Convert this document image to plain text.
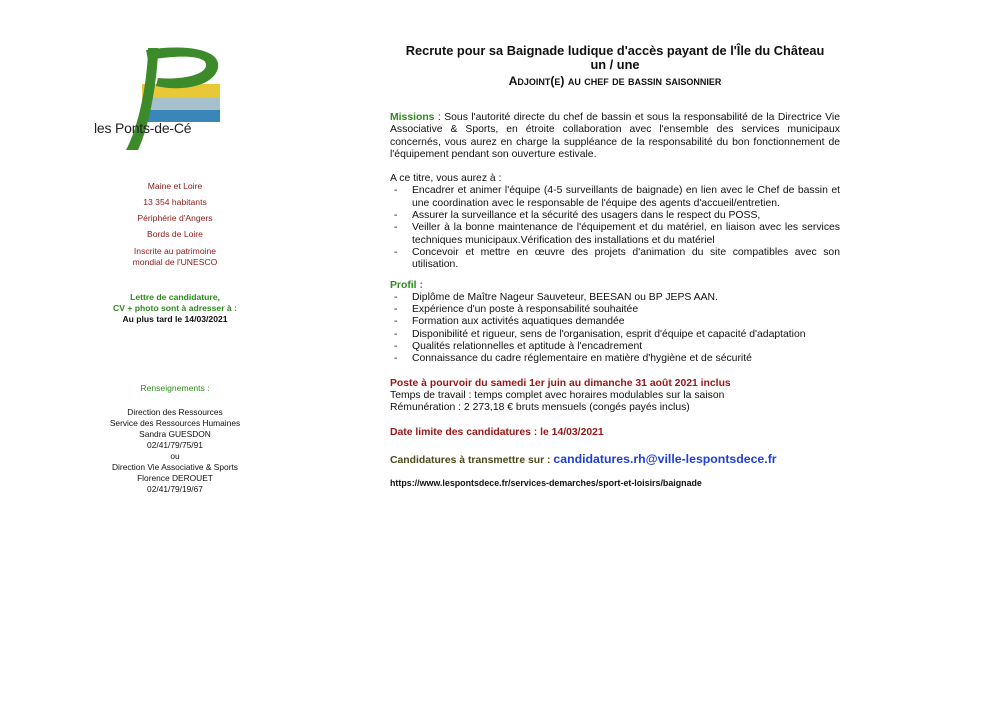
les Ponts-de-Cé
Maine et Loire
13 354 habitants
Périphérie d'Angers
Bords de Loire
Inscrite au patrimoine
mondial de l'UNESCO
Lettre de candidature,
CV + photo sont à adresser à :
Au plus tard le 14/03/2021
Renseignements :
Direction des Ressources
Service des Ressources Humaines
Sandra GUESDON
02/41/79/75/91
ou
Direction Vie Associative & Sports
Florence DEROUET
02/41/79/19/67
Recrute pour sa Baignade ludique d'accès payant de l'Île du Château
un / une
Adjoint(e) au chef de bassin saisonnier
Missions : Sous l'autorité directe du chef de bassin et sous la responsabilité de la Directrice Vie Associative & Sports, en étroite collaboration avec l'ensemble des services municipaux concernés, vous aurez en charge la suppléance de la responsabilité du bon fonctionnement de l'équipement pendant son ouverture estivale.
A ce titre, vous aurez à :
- Encadrer et animer l'équipe (4-5 surveillants de baignade) en lien avec le Chef de bassin et une coordination avec le responsable de l'équipe des agents d'accueil/entretien.
- Assurer la surveillance et la sécurité des usagers dans le respect du POSS,
- Veiller à la bonne maintenance de l'équipement et du matériel, en liaison avec les services techniques municipaux.Vérification des installations et du matériel
- Concevoir et mettre en œuvre des projets d'animation du site compatibles avec son utilisation.
Profil :
- Diplôme de Maître Nageur Sauveteur, BEESAN ou BP JEPS AAN.
- Expérience d'un poste à responsabilité souhaitée
- Formation aux activités aquatiques demandée
- Disponibilité et rigueur, sens de l'organisation, esprit d'équipe et capacité d'adaptation
- Qualités relationnelles et aptitude à l'encadrement
- Connaissance du cadre réglementaire en matière d'hygiène et de sécurité
Poste à pourvoir du samedi 1er juin au dimanche 31 août 2021 inclus
Temps de travail : temps complet avec horaires modulables sur la saison
Rémunération : 2 273,18 € bruts mensuels (congés payés inclus)
Date limite des candidatures : le 14/03/2021
Candidatures à transmettre sur : candidatures.rh@ville-lespontsdece.fr
https://www.lespontsdece.fr/services-demarches/sport-et-loisirs/baignade
